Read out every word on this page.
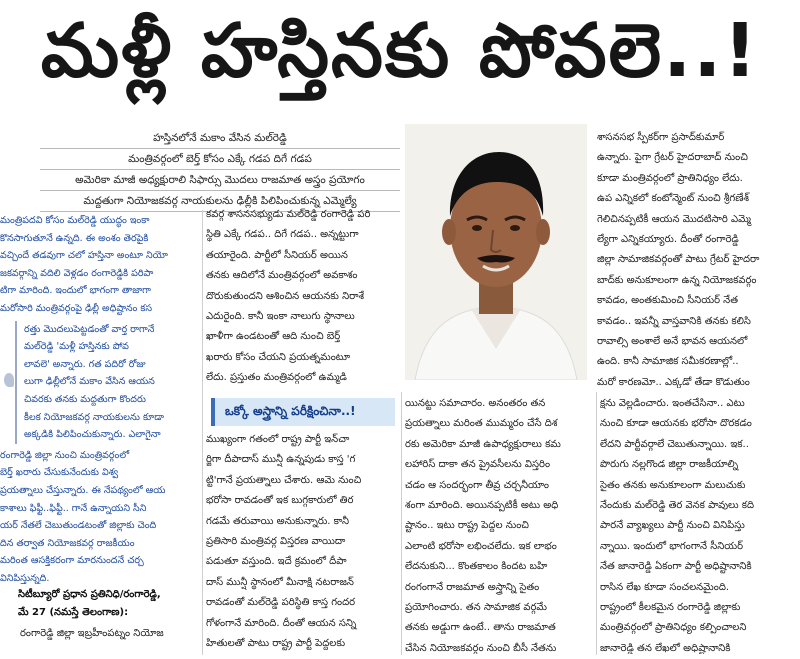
మళ్లీ హస్తినకు పోవలె..!
హస్తినలోనే మకాం వేసిన మల్‌రెడ్డి
మంత్రివర్గంలో బెర్త్ కోసం ఎక్కే గడప దిగే గడప
అమెరికా మాజీ అధ్యక్షురాలి సిఫార్సు మొదలు రాజమాత అస్త్రం ప్రయోగం
మద్దతుగా నియోజకవర్గ నాయకులను ఢిల్లీకి పిలిపించుకున్న ఎమ్మెల్యే

మంత్రిపదవి కోసం మల్‌రెడ్డి యుద్ధం ఇంకా

కొనసాగుతూనే ఉన్నది. ఈ అంశం తెరపైకి

వచ్చిందే తడవుగా చలో హస్తినా అంటూ నియో

జకవర్గాన్ని వదిలి వెళ్లడం రంగారెడ్డికి పరిపా

టిగా మారింది. ఇందులో భాగంగా తాజాగా

మరోసారి మంత్రివర్గంపై ఢిల్లీ అధిష్టానం కస

రత్తు మొదలుపెట్టడంతో వార్త రాగానే

మల్‌రెడ్డి 'మళ్లీ హస్తినకు పోవ

లావలె' అన్నారు. గత పదిరో రోజు

లుగా ఢిల్లీలోనే మకాం వేసిన ఆయన

చివరకు తనకు మద్దతుగా కొందరు

కీలక నియోజకవర్గ నాయకులను కూడా

అక్కడికి పిలిపించుకున్నారు. ఎలాగైనా

రంగారెడ్డి జిల్లా నుంచి మంత్రివర్గంలో

బెర్త్ ఖరారు చేసుకునేందుకు విశ్వ

ప్రయత్నాలు చేస్తున్నారు. ఈ నేపథ్యంలో ఆయ

కాశాలు ఫిఫ్టీ..ఫిఫ్టీ.. గానే ఉన్నాయని సీని

యర్ నేతలే చెబుతుండటంతో జిల్లాకు చెంది

దిన తర్వాత నియోజకవర్గ రాజకీయం

మరింత ఆసక్తికరంగా మారనుందనే చర్చ

వినిపిస్తున్నది.

సిటీబ్యూరో ప్రధాన ప్రతినిధి/రంగారెడ్డి,

మే 27 (నమస్తే తెలంగాణ):

రంగారెడ్డి జిల్లా ఇబ్రహీంపట్నం నియోజ

కవర్గ శాసనసభ్యుడు మల్‌రెడ్డి రంగారెడ్డి పరి

స్థితి ఎక్కే గడప.. దిగే గడప.. అన్నట్టుగా

తయారైంది. పార్టీలో సీనియర్ అయిన

తనకు ఆదిలోనే మంత్రివర్గంలో అవకాశం

దొరుకుతుందని ఆశించిన ఆయనకు నిరాశే

ఎదురైంది. కానీ ఇంకా నాలుగు స్థానాలు

ఖాళీగా ఉండటంతో ఆది నుంచి బెర్త్

ఖరారు కోసం చేయని ప్రయత్నమంటూ

లేదు. ప్రస్తుతం మంత్రివర్గంలో ఉమ్మడి

శాసనసభ స్పీకర్‌గా ప్రసాద్‌కుమార్

ఉన్నారు. పైగా గ్రేటర్ హైదరాబాద్ నుంచి

కూడా మంత్రివర్గంలో ప్రాతినిధ్యం లేదు.

ఉప ఎన్నికలో కంటోన్మెంట్ నుంచి శ్రీగణేశ్

గెలిచినప్పటికీ ఆయన మొదటిసారి ఎమ్మె

ల్యేగా ఎన్నికయ్యారు. దీంతో రంగారెడ్డి

జిల్లా సామాజికవర్గంతో పాటు గ్రేటర్ హైదరా

బాద్‌కు అనుకూలంగా ఉన్న నియోజకవర్గం

కావడం, అంతకుమించి సీనియర్ నేత

కావడం.. ఇవన్నీ వాస్తవానికి తనకు కలిసి

రావాల్సి అంశాలే అనే భావన ఆయనలో

ఉంది. కానీ సామాజిక సమీకరణాల్లో..

మరో కారణమో.. ఎక్కడో తేడా కొడుతుం

ఒక్కో అస్త్రాన్ని పరీక్షించినా..!

ముఖ్యంగా గతంలో రాష్ట్ర పార్టీ ఇన్‌చా

ర్జిగా దీపాదాస్ మున్షీ ఉన్నపుడు కాస్త 'గ

ట్టి'గానే ప్రయత్నాలు చేశారు. ఆమె నుంచి

భరోసా రావడంతో ఇక బుగ్గకారులో తిర

గడమే తరువాయి అనుకున్నారు. కానీ

ప్రతిసారి మంత్రివర్గ విస్తరణ వాయిదా

పడుతూ వస్తుంది. ఇదే క్రమంలో దీపా

దాస్ మున్షీ స్థానంలో మీనాక్షి నటరాజన్

రావడంతో మల్‌రెడ్డి పరిస్థితి కాస్త గందర

గోళంగానే మారింది. దీంతో ఆయన సన్ని

హితులతో పాటు రాష్ట్ర పార్టీ పెద్దలకు

యినట్టు సమాచారం. అనంతరం తన

ప్రయత్నాలు మరింత ముమ్మరం చేసే దిశ

రకు అమెరికా మాజీ ఉపాధ్యక్షురాలు కమ

లహారిస్ దాకా తన ప్రైవసీలను విస్తరిం

చడం ఆ సందర్భంగా తీవ్ర చర్చనీయాం

శంగా మారింది. అయినప్పటికీ అటు అధి

ష్టానం.. ఇటు రాష్ట్ర పెద్దల నుంచి

ఎలాంటి భరోసా లభించలేదు. ఇక లాభం

లేదనుకుని... కొంతకాలం కిందట బహి

రంగంగానే రాజమాత అస్త్రాన్ని సైతం

ప్రయోగించారు. తన సామాజిక వర్గమే

తనకు అడ్డుగా ఉంటే.. తాను రాజమాత

చేసిన నియోజకవర్గం నుంచి బీసీ నేతను

క్షను వెల్లడించారు. ఇంతచేసినా.. ఎటు

నుంచి కూడా ఆయనకు భరోసా దొరకడం

లేదని పార్టీవర్గాలే చెబుతున్నాయి. ఇక..

పొరుగు నల్లగొండ జిల్లా రాజకీయాల్ని

సైతం తనకు అనుకూలంగా మలుచుకు

నేందుకు మల్‌రెడ్డి తెర వెనక పావులు కది

పారనే వ్యాఖ్యలు పార్టీ నుంచి వినిపిస్తు

న్నాయి. ఇందులో భాగంగానే సీనియర్

నేత జానారెడ్డి ఏకంగా పార్టీ అధిష్టానానికి

రాసిన లేఖ కూడా సంచలనమైంది.

రాష్ట్రంలో కీలకమైన రంగారెడ్డి జిల్లాకు

మంత్రివర్గంలో ప్రాతినిధ్యం కల్పించాలని

జానారెడ్డి తన లేఖలో అధిష్టానానికి
